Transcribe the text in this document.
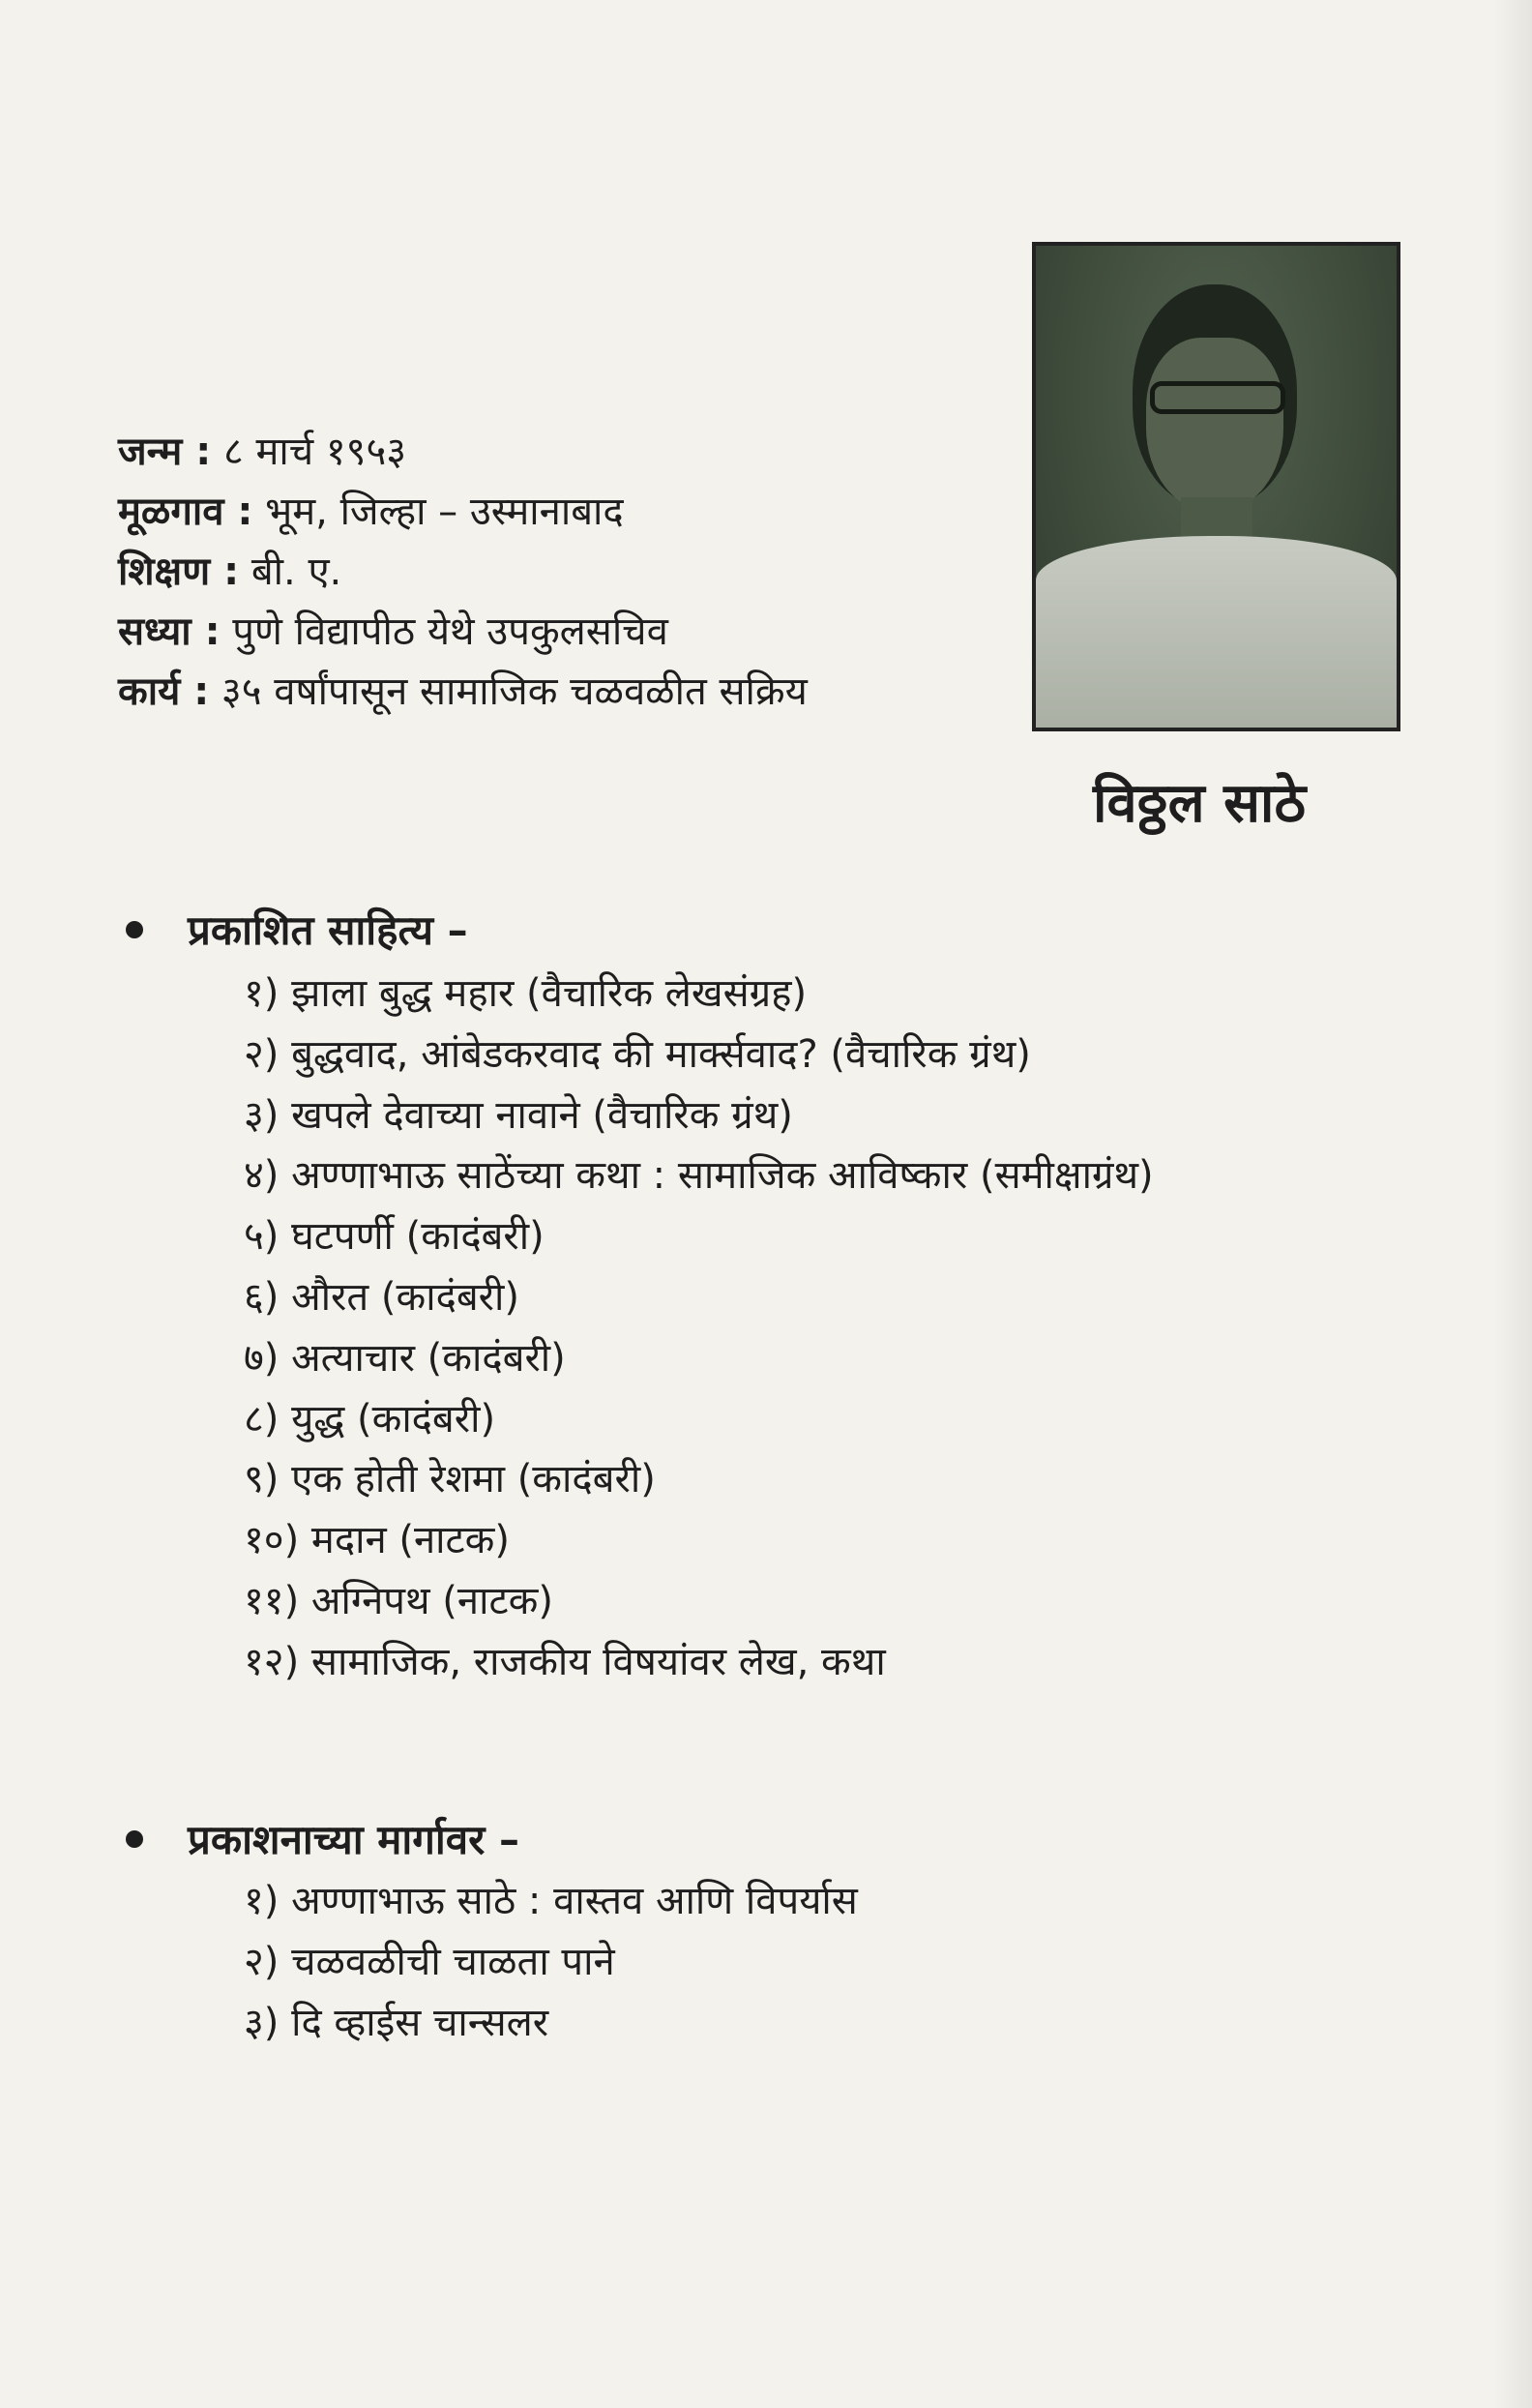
जन्म : ८ मार्च १९५३
मूळगाव : भूम, जिल्हा – उस्मानाबाद
शिक्षण : बी. ए.
सध्या : पुणे विद्यापीठ येथे उपकुलसचिव
कार्य : ३५ वर्षांपासून सामाजिक चळवळीत सक्रिय
विठ्ठल साठे
प्रकाशित साहित्य –
१) झाला बुद्ध महार (वैचारिक लेखसंग्रह)
२) बुद्धवाद, आंबेडकरवाद की मार्क्सवाद? (वैचारिक ग्रंथ)
३) खपले देवाच्या नावाने (वैचारिक ग्रंथ)
४) अण्णाभाऊ साठेंच्या कथा : सामाजिक आविष्कार (समीक्षाग्रंथ)
५) घटपर्णी (कादंबरी)
६) औरत (कादंबरी)
७) अत्याचार (कादंबरी)
८) युद्ध (कादंबरी)
९) एक होती रेशमा (कादंबरी)
१०) मदान (नाटक)
११) अग्निपथ (नाटक)
१२) सामाजिक, राजकीय विषयांवर लेख, कथा
प्रकाशनाच्या मार्गावर –
१) अण्णाभाऊ साठे : वास्तव आणि विपर्यास
२) चळवळीची चाळता पाने
३) दि व्हाईस चान्सलर
